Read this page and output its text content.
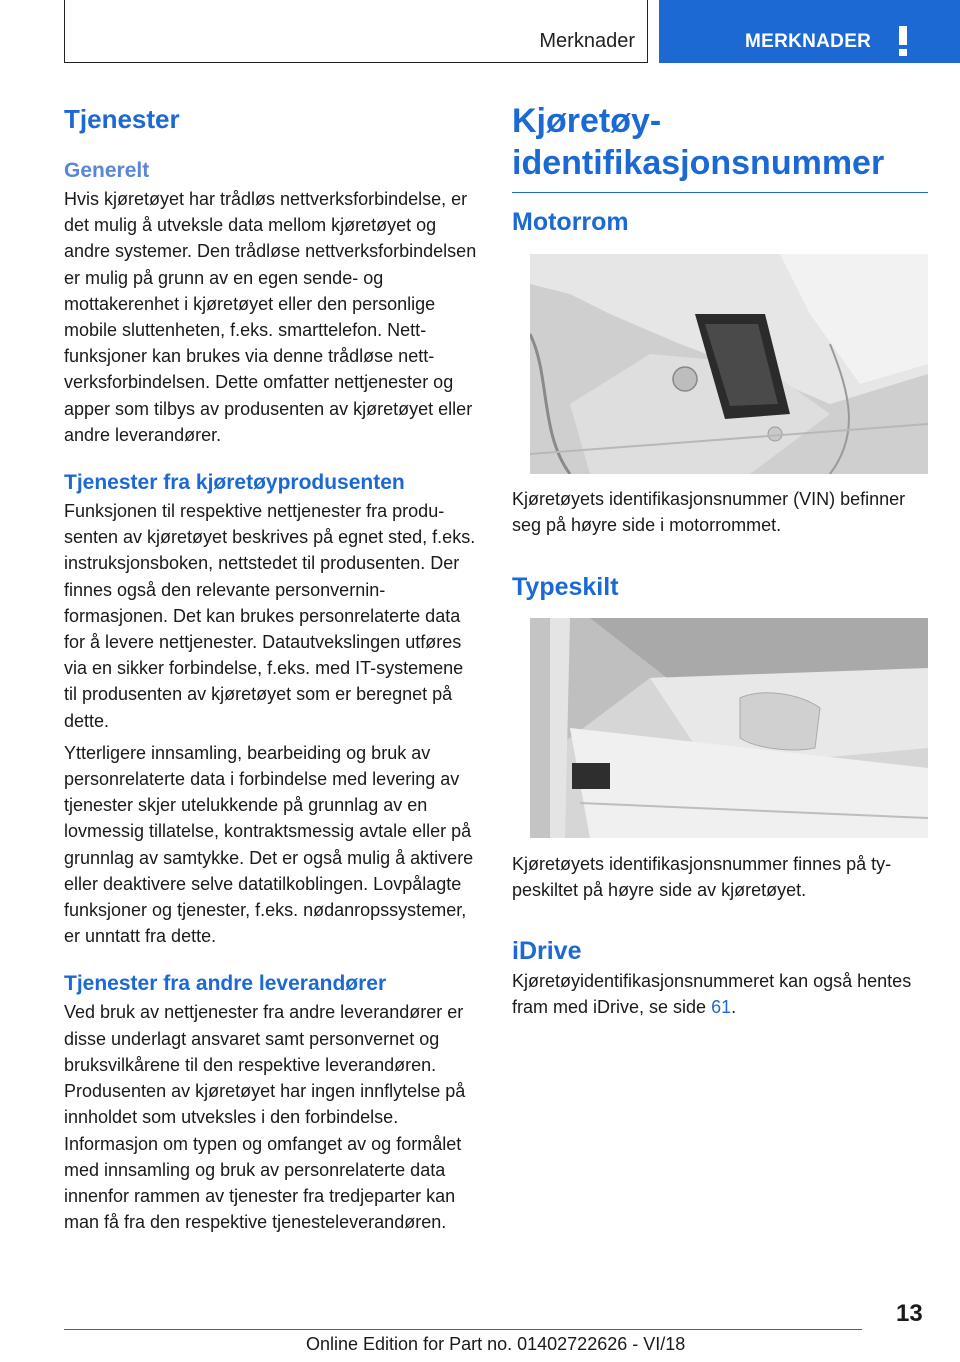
Merknader	MERKNADER
Tjenester
Generelt

Hvis kjøretøyet har trådløs nettverksforbindelse, er det mulig å utveksle data mellom kjøretøyet og andre systemer. Den trådløse nettverksforbindelsen er mulig på grunn av en egen sende- og mottakerenhet i kjøretøyet eller den personlige mobile sluttenheten, f.eks. smarttelefon. Nettfunksjoner kan brukes via denne trådløse nettverksforbindelsen. Dette omfatter nettjenester og apper som tilbys av produsenten av kjøretøyet eller andre leverandører.

Tjenester fra kjøretøyprodusenten

Funksjonen til respektive nettjenester fra produsenten av kjøretøyet beskrives på egnet sted, f.eks. instruksjonsboken, nettstedet til produsenten. Der finnes også den relevante personverninformasjonen. Det kan brukes personrelaterte data for å levere nettjenester. Datautvekslingen utføres via en sikker forbindelse, f.eks. med IT-systemene til produsenten av kjøretøyet som er beregnet på dette.

Ytterligere innsamling, bearbeiding og bruk av personrelaterte data i forbindelse med levering av tjenester skjer utelukkende på grunnlag av en lovmessig tillatelse, kontraktsmessig avtale eller på grunnlag av samtykke. Det er også mulig å aktivere eller deaktivere selve datatilkoblingen. Lovpålagte funksjoner og tjenester, f.eks. nødanropssystemer, er unntatt fra dette.

Tjenester fra andre leverandører

Ved bruk av nettjenester fra andre leverandører er disse underlagt ansvaret samt personvernet og bruksvilkårene til den respektive leverandøren. Produsenten av kjøretøyet har ingen innflytelse på innholdet som utveksles i den forbindelse. Informasjon om typen og omfanget av og formålet med innsamling og bruk av personrelaterte data innenfor rammen av tjenester fra tredjeparter kan man få fra den respektive tjenesteleverandøren.

Kjøretøyidentifikasjonsnummer
Motorrom

Kjøretøyets identifikasjonsnummer (VIN) befinner seg på høyre side i motorrommet.

Typeskilt

Kjøretøyets identifikasjonsnummer finnes på typeskiltet på høyre side av kjøretøyet.

iDrive

Kjøretøyidentifikasjonsnummeret kan også hentes fram med iDrive, se side 61.

13
Online Edition for Part no. 01402722626 - VI/18
